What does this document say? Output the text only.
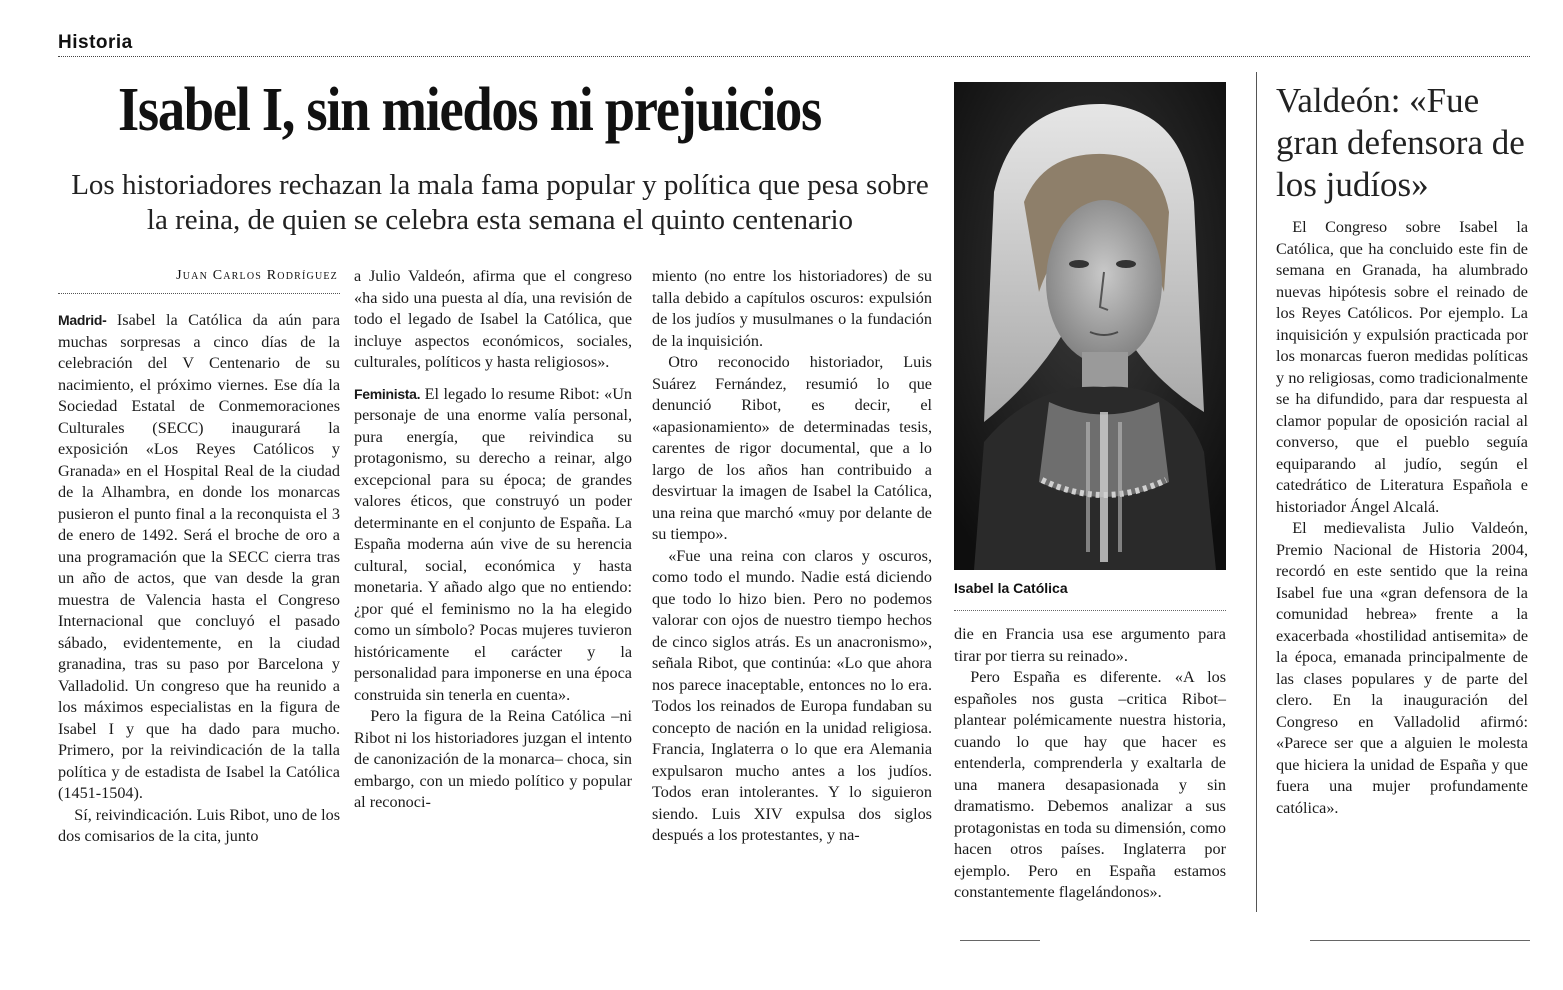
Historia
Isabel I, sin miedos ni prejuicios
Los historiadores rechazan la mala fama popular y política que pesa sobre la reina, de quien se celebra esta semana el quinto centenario
Juan Carlos Rodríguez

Madrid- Isabel la Católica da aún para muchas sorpresas a cinco días de la celebración del V Centenario de su nacimiento, el próximo viernes. Ese día la Sociedad Estatal de Conmemoraciones Culturales (SECC) inaugurará la exposición «Los Reyes Católicos y Granada» en el Hospital Real de la ciudad de la Alhambra, en donde los monarcas pusieron el punto final a la reconquista el 3 de enero de 1492. Será el broche de oro a una programación que la SECC cierra tras un año de actos, que van desde la gran muestra de Valencia hasta el Congreso Internacional que concluyó el pasado sábado, evidentemente, en la ciudad granadina, tras su paso por Barcelona y Valladolid. Un congreso que ha reunido a los máximos especialistas en la figura de Isabel I y que ha dado para mucho. Primero, por la reivindicación de la talla política y de estadista de Isabel la Católica (1451-1504).

Sí, reivindicación. Luis Ribot, uno de los dos comisarios de la cita, junto

a Julio Valdeón, afirma que el congreso «ha sido una puesta al día, una revisión de todo el legado de Isabel la Católica, que incluye aspectos económicos, sociales, culturales, políticos y hasta religiosos».

Feminista. El legado lo resume Ribot: «Un personaje de una enorme valía personal, pura energía, que reivindica su protagonismo, su derecho a reinar, algo excepcional para su época; de grandes valores éticos, que construyó un poder determinante en el conjunto de España. La España moderna aún vive de su herencia cultural, social, económica y hasta monetaria. Y añado algo que no entiendo: ¿por qué el feminismo no la ha elegido como un símbolo? Pocas mujeres tuvieron históricamente el carácter y la personalidad para imponerse en una época construida sin tenerla en cuenta».

Pero la figura de la Reina Católica –ni Ribot ni los historiadores juzgan el intento de canonización de la monarca– choca, sin embargo, con un miedo político y popular al reconoci-

miento (no entre los historiadores) de su talla debido a capítulos oscuros: expulsión de los judíos y musulmanes o la fundación de la inquisición.

Otro reconocido historiador, Luis Suárez Fernández, resumió lo que denunció Ribot, es decir, el «apasionamiento» de determinadas tesis, carentes de rigor documental, que a lo largo de los años han contribuido a desvirtuar la imagen de Isabel la Católica, una reina que marchó «muy por delante de su tiempo».

«Fue una reina con claros y oscuros, como todo el mundo. Nadie está diciendo que todo lo hizo bien. Pero no podemos valorar con ojos de nuestro tiempo hechos de cinco siglos atrás. Es un anacronismo», señala Ribot, que continúa: «Lo que ahora nos parece inaceptable, entonces no lo era. Todos los reinados de Europa fundaban su concepto de nación en la unidad religiosa. Francia, Inglaterra o lo que era Alemania expulsaron mucho antes a los judíos. Todos eran intolerantes. Y lo siguieron siendo. Luis XIV expulsa dos siglos después a los protestantes, y na-

Isabel la Católica

die en Francia usa ese argumento para tirar por tierra su reinado».

Pero España es diferente. «A los españoles nos gusta –critica Ribot– plantear polémicamente nuestra historia, cuando lo que hay que hacer es entenderla, comprenderla y exaltarla de una manera desapasionada y sin dramatismo. Debemos analizar a sus protagonistas en toda su dimensión, como hacen otros países. Inglaterra por ejemplo. Pero en España estamos constantemente flagelándonos».

Valdeón: «Fue gran defensora de los judíos»

El Congreso sobre Isabel la Católica, que ha concluido este fin de semana en Granada, ha alumbrado nuevas hipótesis sobre el reinado de los Reyes Católicos. Por ejemplo. La inquisición y expulsión practicada por los monarcas fueron medidas políticas y no religiosas, como tradicionalmente se ha difundido, para dar respuesta al clamor popular de oposición racial al converso, que el pueblo seguía equiparando al judío, según el catedrático de Literatura Española e historiador Ángel Alcalá.

El medievalista Julio Valdeón, Premio Nacional de Historia 2004, recordó en este sentido que la reina Isabel fue una «gran defensora de la comunidad hebrea» frente a la exacerbada «hostilidad antisemita» de la época, emanada principalmente de las clases populares y de parte del clero. En la inauguración del Congreso en Valladolid afirmó: «Parece ser que a alguien le molesta que hiciera la unidad de España y que fuera una mujer profundamente católica».
